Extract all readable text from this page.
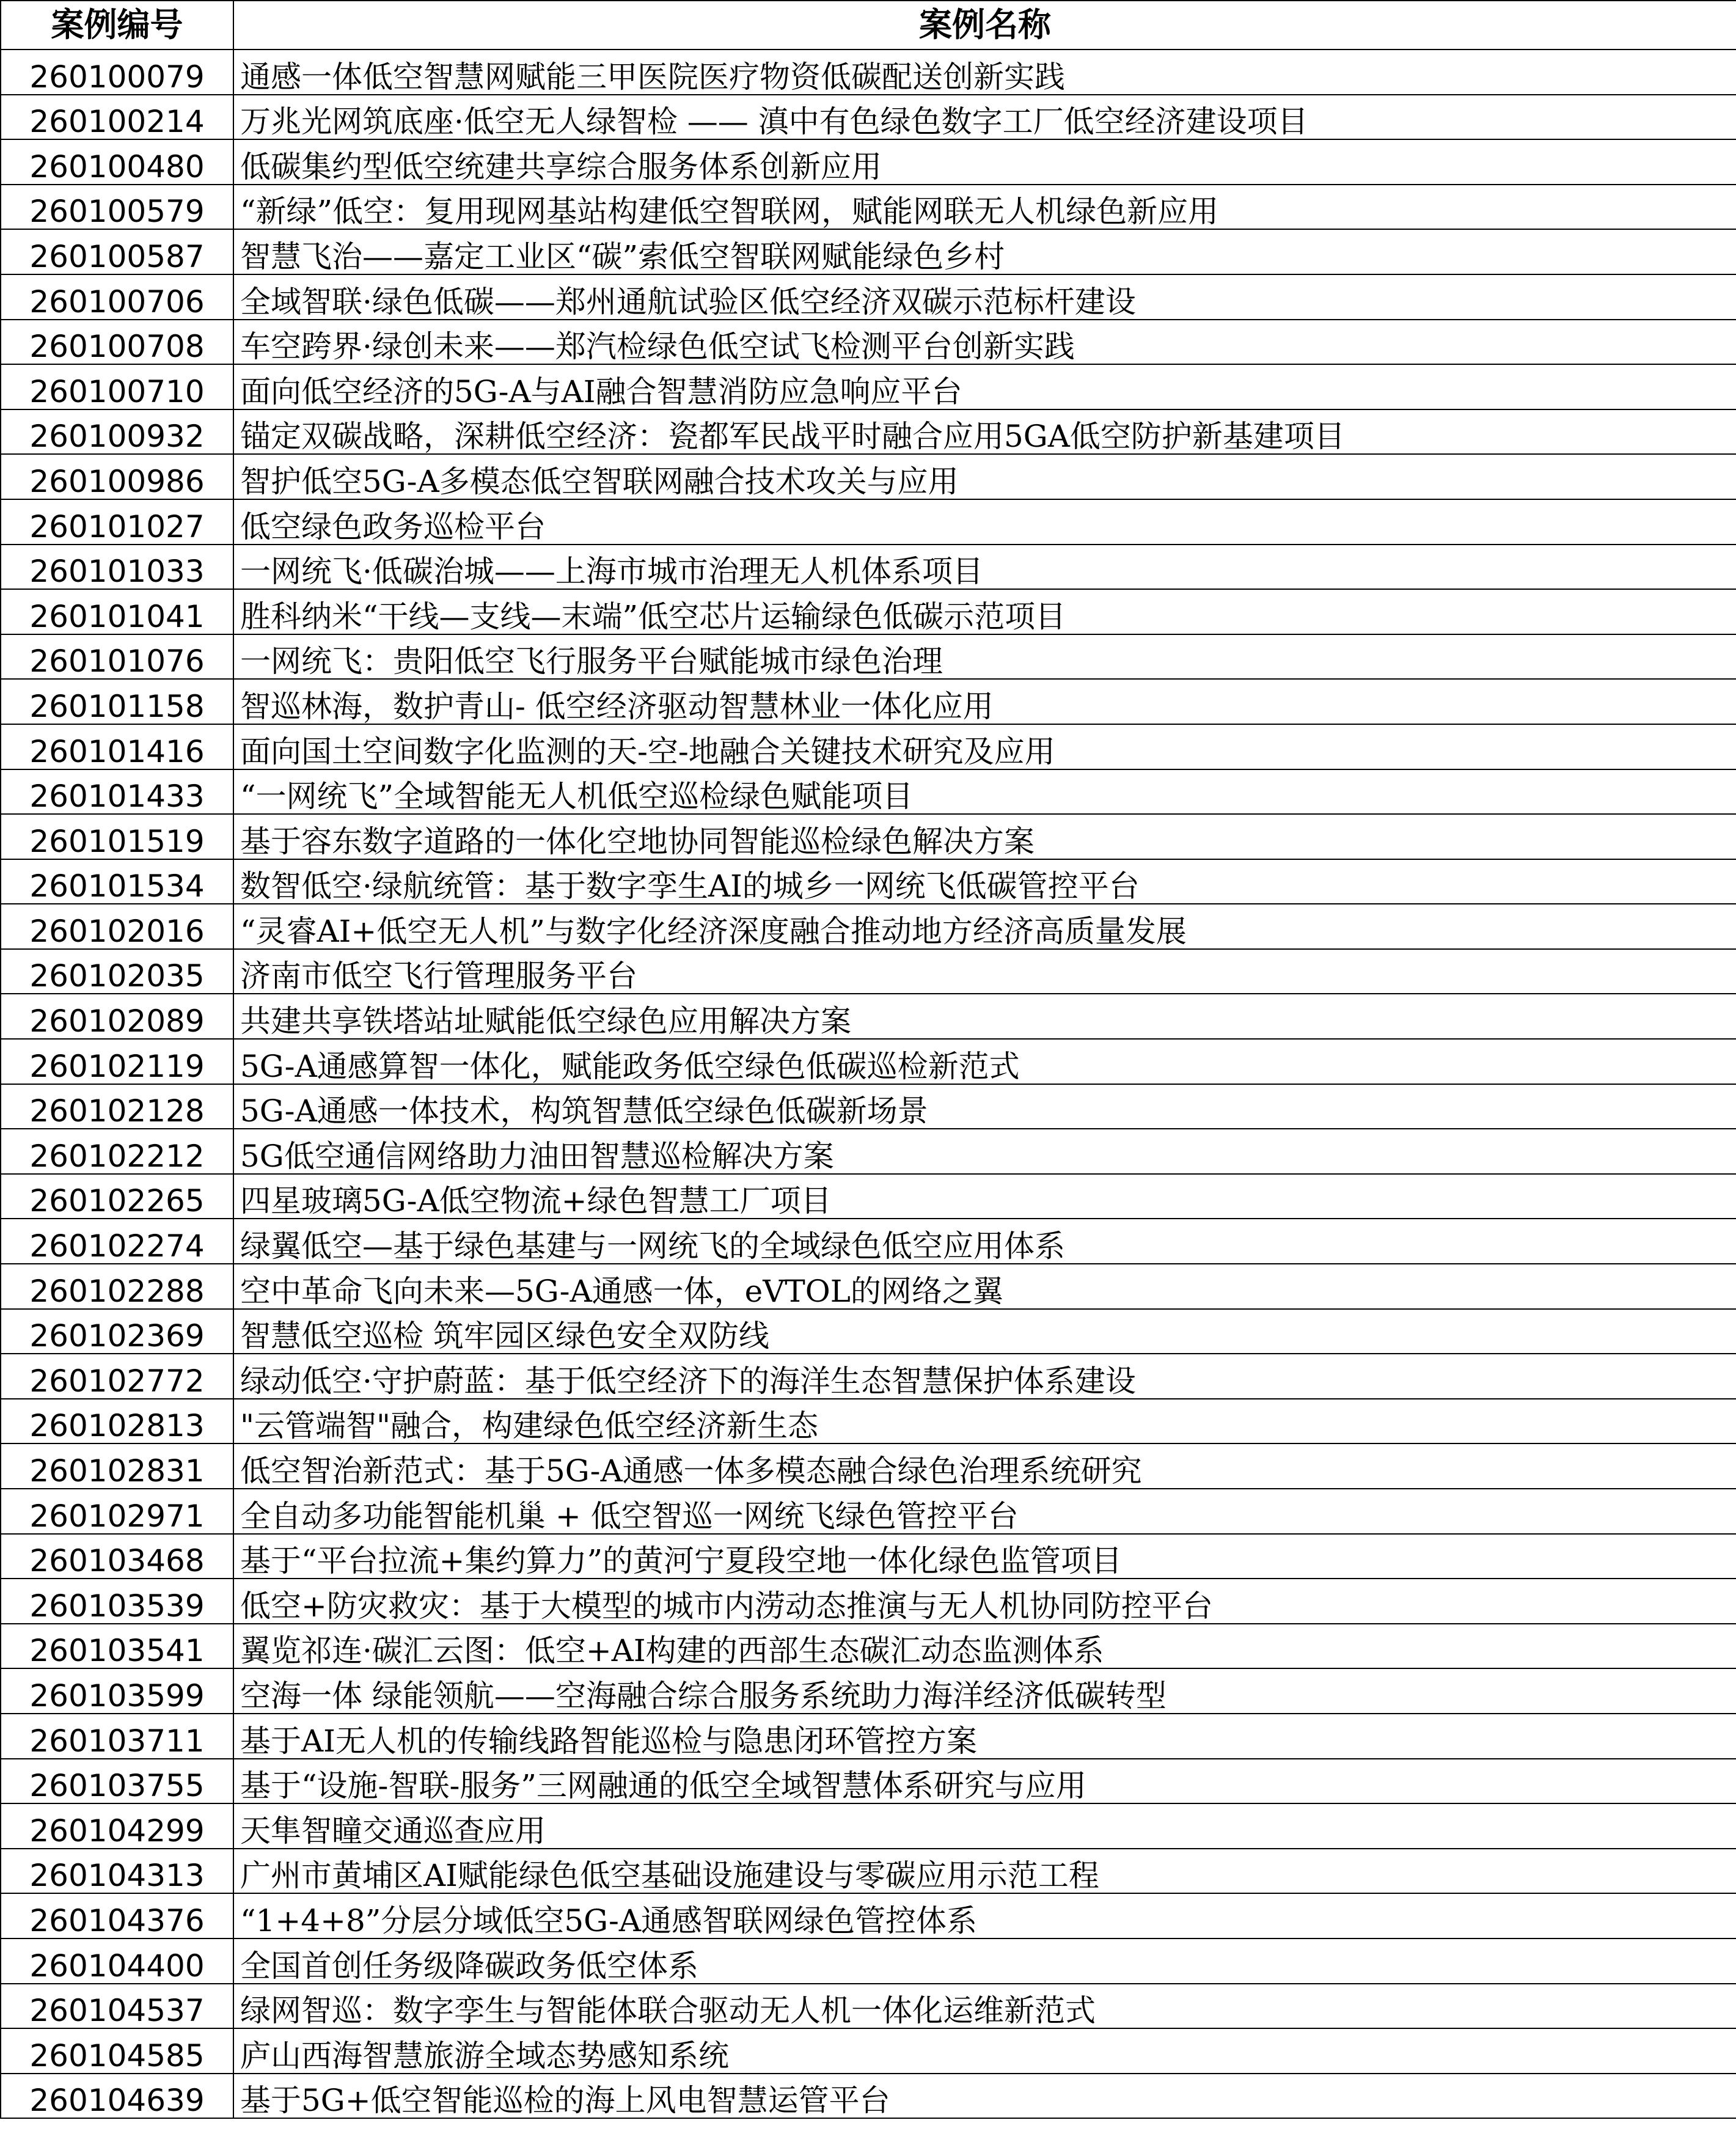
案例编号	案例名称
260100079	通感一体低空智慧网赋能三甲医院医疗物资低碳配送创新实践
260100214	万兆光网筑底座·低空无人绿智检 —— 滇中有色绿色数字工厂低空经济建设项目
260100480	低碳集约型低空统建共享综合服务体系创新应用
260100579	“新绿”低空：复用现网基站构建低空智联网，赋能网联无人机绿色新应用
260100587	智慧飞治——嘉定工业区“碳”索低空智联网赋能绿色乡村
260100706	全域智联·绿色低碳——郑州通航试验区低空经济双碳示范标杆建设
260100708	车空跨界·绿创未来——郑汽检绿色低空试飞检测平台创新实践
260100710	面向低空经济的5G-A与AI融合智慧消防应急响应平台
260100932	锚定双碳战略，深耕低空经济：瓷都军民战平时融合应用5GA低空防护新基建项目
260100986	智护低空5G-A多模态低空智联网融合技术攻关与应用
260101027	低空绿色政务巡检平台
260101033	一网统飞·低碳治城——上海市城市治理无人机体系项目
260101041	胜科纳米“干线—支线—末端”低空芯片运输绿色低碳示范项目
260101076	一网统飞：贵阳低空飞行服务平台赋能城市绿色治理
260101158	智巡林海，数护青山- 低空经济驱动智慧林业一体化应用
260101416	面向国土空间数字化监测的天-空-地融合关键技术研究及应用
260101433	“一网统飞”全域智能无人机低空巡检绿色赋能项目
260101519	基于容东数字道路的一体化空地协同智能巡检绿色解决方案
260101534	数智低空·绿航统管：基于数字孪生AI的城乡一网统飞低碳管控平台
260102016	“灵睿AI+低空无人机”与数字化经济深度融合推动地方经济高质量发展
260102035	济南市低空飞行管理服务平台
260102089	共建共享铁塔站址赋能低空绿色应用解决方案
260102119	5G-A通感算智一体化，赋能政务低空绿色低碳巡检新范式
260102128	5G-A通感一体技术，构筑智慧低空绿色低碳新场景
260102212	5G低空通信网络助力油田智慧巡检解决方案
260102265	四星玻璃5G-A低空物流+绿色智慧工厂项目
260102274	绿翼低空—基于绿色基建与一网统飞的全域绿色低空应用体系
260102288	空中革命飞向未来—5G-A通感一体，eVTOL的网络之翼
260102369	智慧低空巡检 筑牢园区绿色安全双防线
260102772	绿动低空·守护蔚蓝：基于低空经济下的海洋生态智慧保护体系建设
260102813	"云管端智"融合，构建绿色低空经济新生态
260102831	低空智治新范式：基于5G-A通感一体多模态融合绿色治理系统研究
260102971	全自动多功能智能机巢 + 低空智巡一网统飞绿色管控平台
260103468	基于“平台拉流+集约算力”的黄河宁夏段空地一体化绿色监管项目
260103539	低空+防灾救灾：基于大模型的城市内涝动态推演与无人机协同防控平台
260103541	翼览祁连·碳汇云图：低空+AI构建的西部生态碳汇动态监测体系
260103599	空海一体 绿能领航——空海融合综合服务系统助力海洋经济低碳转型
260103711	基于AI无人机的传输线路智能巡检与隐患闭环管控方案
260103755	基于“设施-智联-服务”三网融通的低空全域智慧体系研究与应用
260104299	天隼智瞳交通巡查应用
260104313	广州市黄埔区AI赋能绿色低空基础设施建设与零碳应用示范工程
260104376	“1+4+8”分层分域低空5G-A通感智联网绿色管控体系
260104400	全国首创任务级降碳政务低空体系
260104537	绿网智巡：数字孪生与智能体联合驱动无人机一体化运维新范式
260104585	庐山西海智慧旅游全域态势感知系统
260104639	基于5G+低空智能巡检的海上风电智慧运管平台
